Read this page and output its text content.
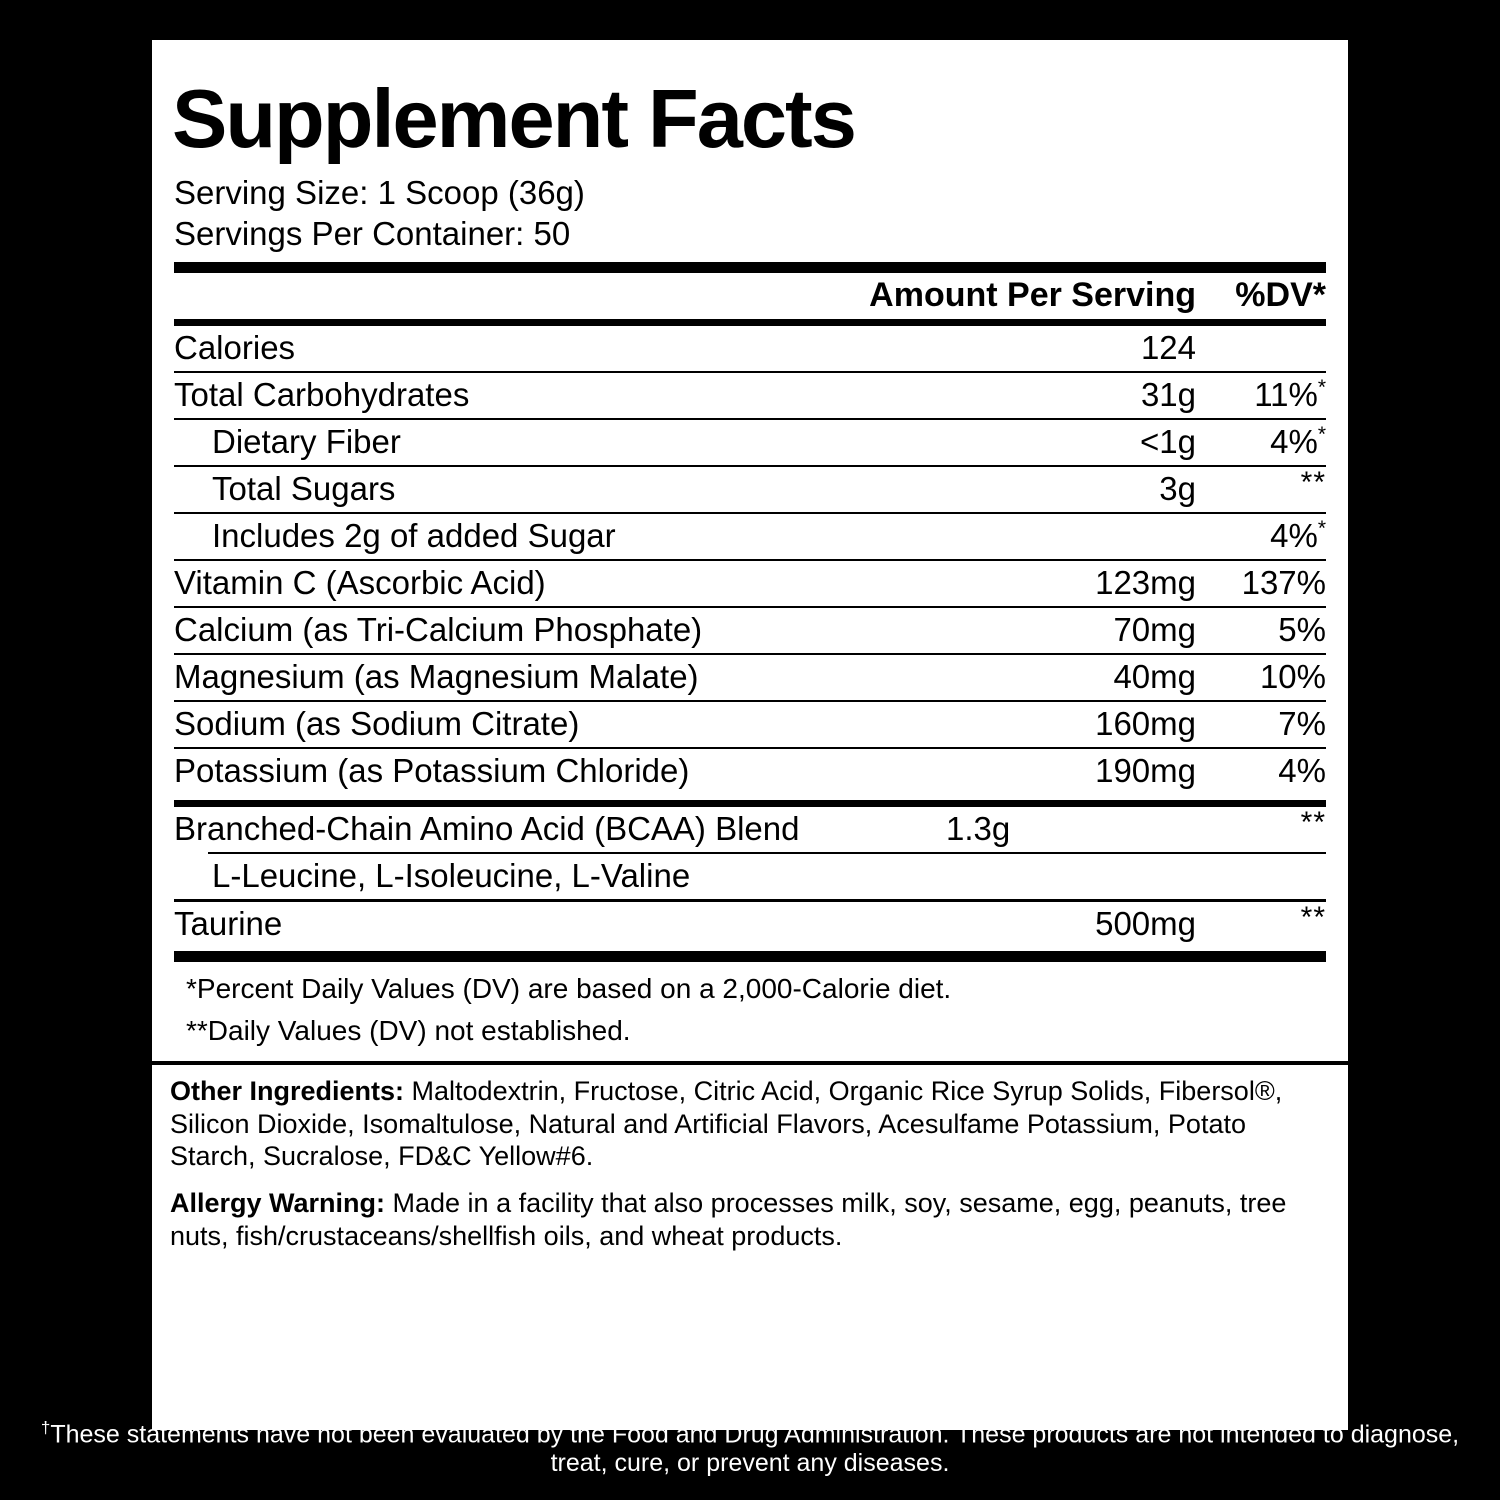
Supplement Facts
Serving Size: 1 Scoop (36g)
Servings Per Container: 50
	Amount Per Serving	%DV*
Calories	124	
Total Carbohydrates	31g	11%*
Dietary Fiber	<1g	4%*
Total Sugars	3g	**
Includes 2g of added Sugar		4%*
Vitamin C (Ascorbic Acid)	123mg	137%
Calcium (as Tri-Calcium Phosphate)	70mg	5%
Magnesium (as Magnesium Malate)	40mg	10%
Sodium (as Sodium Citrate)	160mg	7%
Potassium (as Potassium Chloride)	190mg	4%
Branched-Chain Amino Acid (BCAA) Blend	1.3g	**
L-Leucine, L-Isoleucine, L-Valine
Taurine	500mg	**
*Percent Daily Values (DV) are based on a 2,000-Calorie diet.
**Daily Values (DV) not established.

Other Ingredients: Maltodextrin, Fructose, Citric Acid, Organic Rice Syrup Solids, Fibersol®, Silicon Dioxide, Isomaltulose, Natural and Artificial Flavors, Acesulfame Potassium, Potato Starch, Sucralose, FD&C Yellow#6.

Allergy Warning: Made in a facility that also processes milk, soy, sesame, egg, peanuts, tree nuts, fish/crustaceans/shellfish oils, and wheat products.

†These statements have not been evaluated by the Food and Drug Administration. These products are not intended to diagnose, treat, cure, or prevent any diseases.
